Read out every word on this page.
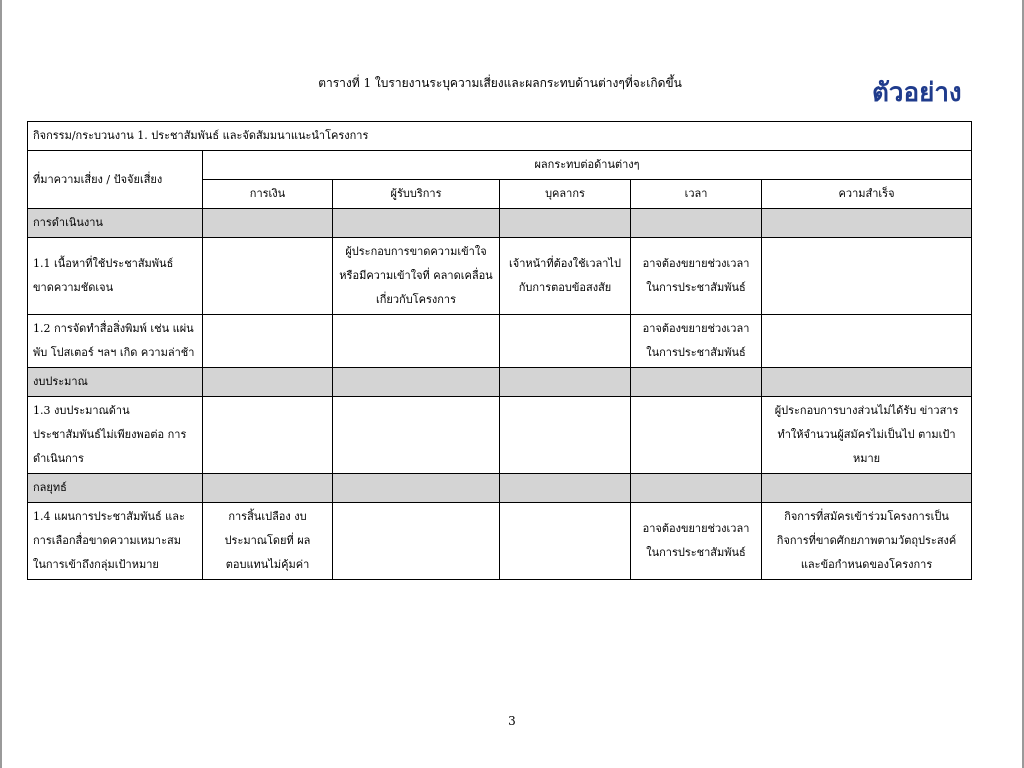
ตารางที่ 1 ใบรายงานระบุความเสี่ยงและผลกระทบด้านต่างๆที่จะเกิดขึ้น	ตัวอย่าง
กิจกรรม/กระบวนงาน 1. ประชาสัมพันธ์ และจัดสัมมนาแนะนำโครงการ					
ที่มาความเสี่ยง / ปัจจัยเสี่ยง	ผลกระทบต่อด้านต่างๆ				
	การเงิน	ผู้รับบริการ	บุคลากร	เวลา	ความสำเร็จ
การดำเนินงาน					
1.1 เนื้อหาที่ใช้ประชาสัมพันธ์ ขาดความชัดเจน		ผู้ประกอบการขาดความเข้าใจ หรือมีความเข้าใจที่ คลาดเคลื่อนเกี่ยวกับโครงการ	เจ้าหน้าที่ต้องใช้เวลาไป กับการตอบข้อสงสัย	อาจต้องขยายช่วงเวลา ในการประชาสัมพันธ์	
1.2 การจัดทำสื่อสิ่งพิมพ์ เช่น แผ่นพับ โปสเตอร์ ฯลฯ เกิด ความล่าช้า				อาจต้องขยายช่วงเวลา ในการประชาสัมพันธ์	
งบประมาณ					
1.3 งบประมาณด้าน ประชาสัมพันธ์ไม่เพียงพอต่อ การดำเนินการ					ผู้ประกอบการบางส่วนไม่ได้รับ ข่าวสารทำให้จำนวนผู้สมัครไม่เป็นไป ตามเป้าหมาย
กลยุทธ์					
1.4 แผนการประชาสัมพันธ์ และ การเลือกสื่อขาดความเหมาะสม ในการเข้าถึงกลุ่มเป้าหมาย	การสิ้นเปลือง งบประมาณโดยที่ ผลตอบแทนไม่คุ้มค่า			อาจต้องขยายช่วงเวลา ในการประชาสัมพันธ์	กิจการที่สมัครเข้าร่วมโครงการเป็น กิจการที่ขาดศักยภาพตามวัตถุประสงค์ และข้อกำหนดของโครงการ
3
